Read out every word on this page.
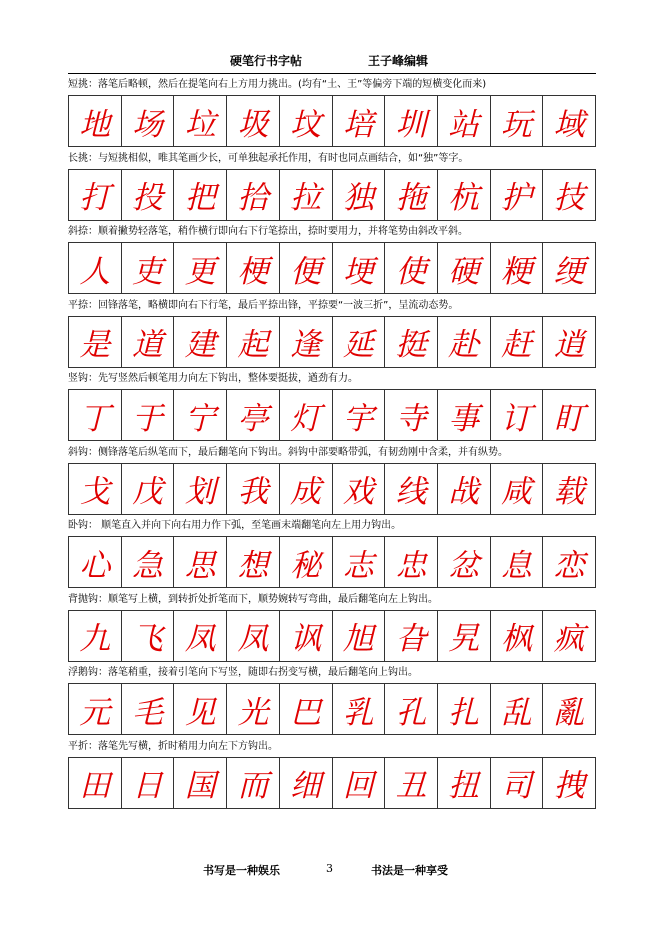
硬笔行书字帖	王子峰编辑
短挑：落笔后略顿，然后在提笔向右上方用力挑出。(均有“土、王”等偏旁下端的短横变化而来)
地 场 垃 圾 坟 培 圳 站 玩 域
长挑：与短挑相似，唯其笔画少长，可单独起承托作用，有时也同点画结合，如“独”等字。
打 投 把 拾 拉 独 拖 杭 护 技
斜捺：顺着撇势轻落笔，稍作横行即向右下行笔捺出，捺时要用力，并将笔势由斜改平斜。
人 吏 更 梗 便 埂 使 硬 粳 绠
平捺：回锋落笔，略横即向右下行笔，最后平捺出锋，平捺要“一波三折”，呈流动态势。
是 道 建 起 逢 延 挺 赴 赶 逍
竖钩：先写竖然后顿笔用力向左下钩出，整体要挺拔，遒劲有力。
丁 于 宁 亭 灯 宇 寺 事 订 盯
斜钩：侧锋落笔后纵笔而下，最后翻笔向下钩出。斜钩中部要略带弧，有韧劲刚中含柔，并有纵势。
戈 戊 划 我 成 戏 线 战 咸 载
卧钩： 顺笔直入并向下向右用力作下弧，至笔画末端翻笔向左上用力钩出。
心 急 思 想 秘 志 忠 忿 息 恋
背抛钩：顺笔写上横，到转折处折笔而下，顺势婉转写弯曲，最后翻笔向左上钩出。
九 飞 凤 凤 讽 旭 旮 旯 枫 疯
浮鹅钩：落笔稍重，接着引笔向下写竖，随即右拐变写横，最后翻笔向上钩出。
元 毛 见 光 巴 乳 孔 扎 乱 亂
平折：落笔先写横，折时稍用力向左下方钩出。
田 日 国 而 细 回 丑 扭 司 拽
书写是一种娱乐	3	书法是一种享受
